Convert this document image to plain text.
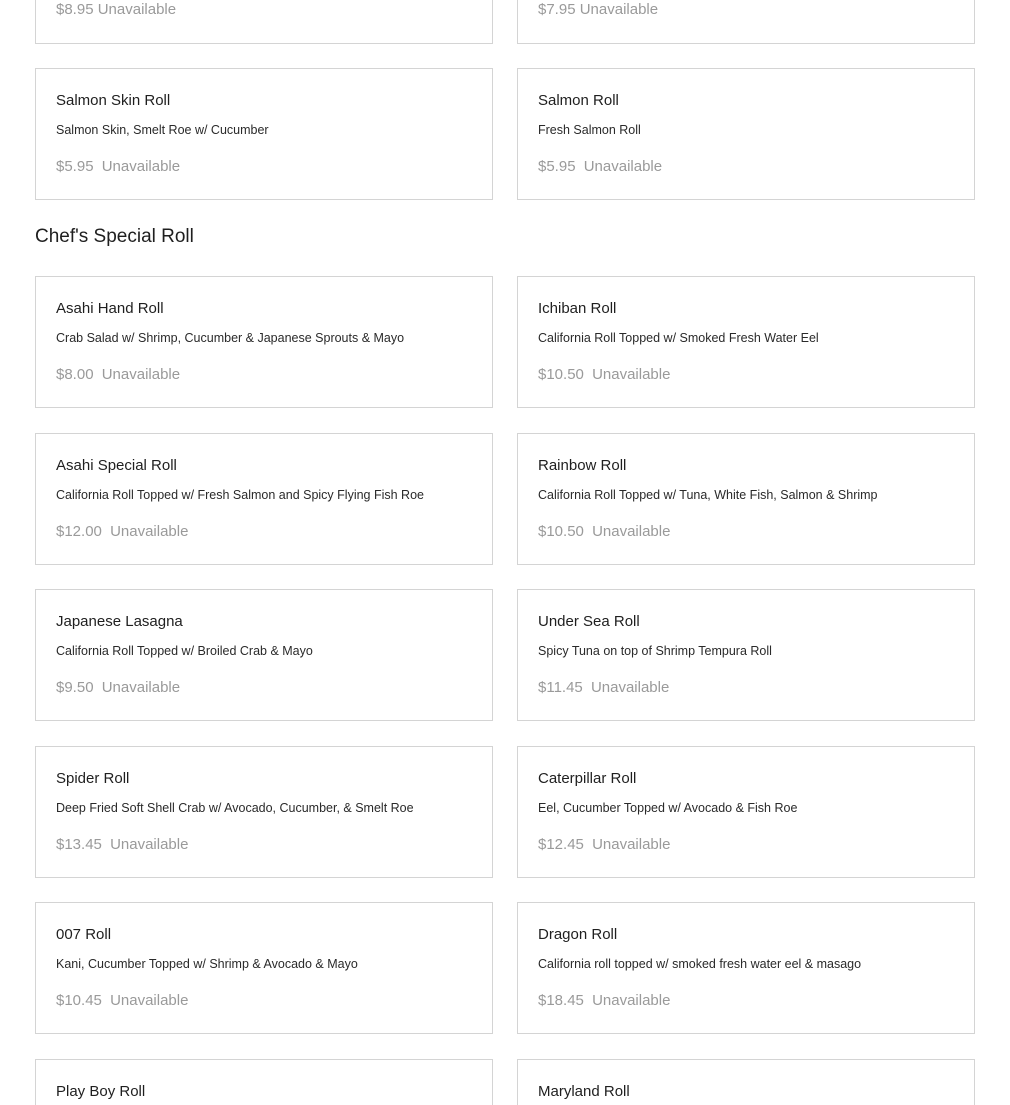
$8.95 Unavailable	$7.95 Unavailable
Salmon Skin Roll
Salmon Skin, Smelt Roe w/ Cucumber
$5.95 Unavailable
Salmon Roll
Fresh Salmon Roll
$5.95 Unavailable
Chef's Special Roll
Asahi Hand Roll
Crab Salad w/ Shrimp, Cucumber & Japanese Sprouts & Mayo
$8.00 Unavailable
Ichiban Roll
California Roll Topped w/ Smoked Fresh Water Eel
$10.50 Unavailable
Asahi Special Roll
California Roll Topped w/ Fresh Salmon and Spicy Flying Fish Roe
$12.00 Unavailable
Rainbow Roll
California Roll Topped w/ Tuna, White Fish, Salmon & Shrimp
$10.50 Unavailable
Japanese Lasagna
California Roll Topped w/ Broiled Crab & Mayo
$9.50 Unavailable
Under Sea Roll
Spicy Tuna on top of Shrimp Tempura Roll
$11.45 Unavailable
Spider Roll
Deep Fried Soft Shell Crab w/ Avocado, Cucumber, & Smelt Roe
$13.45 Unavailable
Caterpillar Roll
Eel, Cucumber Topped w/ Avocado & Fish Roe
$12.45 Unavailable
007 Roll
Kani, Cucumber Topped w/ Shrimp & Avocado & Mayo
$10.45 Unavailable
Dragon Roll
California roll topped w/ smoked fresh water eel & masago
$18.45 Unavailable
Play Boy Roll	Maryland Roll
